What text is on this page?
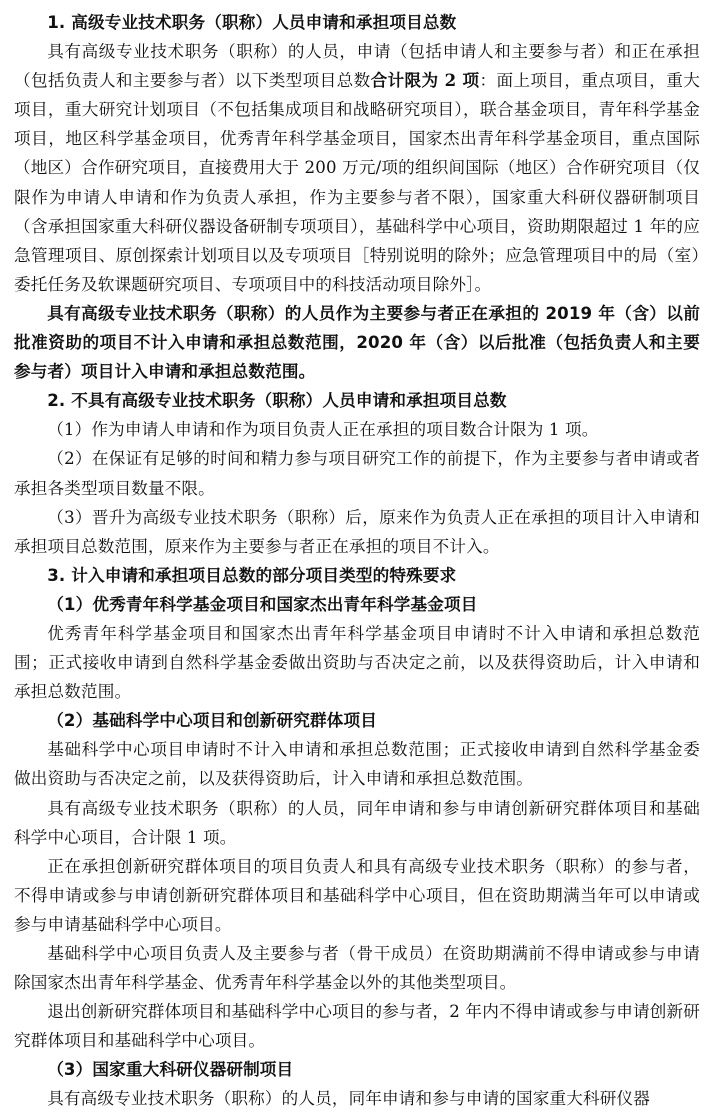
1. 高级专业技术职务（职称）人员申请和承担项目总数

具有高级专业技术职务（职称）的人员，申请（包括申请人和主要参与者）和正在承担（包括负责人和主要参与者）以下类型项目总数合计限为 2 项：面上项目，重点项目，重大项目，重大研究计划项目（不包括集成项目和战略研究项目），联合基金项目，青年科学基金项目，地区科学基金项目，优秀青年科学基金项目，国家杰出青年科学基金项目，重点国际（地区）合作研究项目，直接费用大于 200 万元/项的组织间国际（地区）合作研究项目（仅限作为申请人申请和作为负责人承担，作为主要参与者不限），国家重大科研仪器研制项目（含承担国家重大科研仪器设备研制专项项目），基础科学中心项目，资助期限超过 1 年的应急管理项目、原创探索计划项目以及专项项目［特别说明的除外；应急管理项目中的局（室）委托任务及软课题研究项目、专项项目中的科技活动项目除外］。

具有高级专业技术职务（职称）的人员作为主要参与者正在承担的 2019 年（含）以前批准资助的项目不计入申请和承担总数范围，2020 年（含）以后批准（包括负责人和主要参与者）项目计入申请和承担总数范围。

2. 不具有高级专业技术职务（职称）人员申请和承担项目总数

（1）作为申请人申请和作为项目负责人正在承担的项目数合计限为 1 项。

（2）在保证有足够的时间和精力参与项目研究工作的前提下，作为主要参与者申请或者承担各类型项目数量不限。

（3）晋升为高级专业技术职务（职称）后，原来作为负责人正在承担的项目计入申请和承担项目总数范围，原来作为主要参与者正在承担的项目不计入。

3. 计入申请和承担项目总数的部分项目类型的特殊要求

（1）优秀青年科学基金项目和国家杰出青年科学基金项目

优秀青年科学基金项目和国家杰出青年科学基金项目申请时不计入申请和承担总数范围；正式接收申请到自然科学基金委做出资助与否决定之前，以及获得资助后，计入申请和承担总数范围。

（2）基础科学中心项目和创新研究群体项目

基础科学中心项目申请时不计入申请和承担总数范围；正式接收申请到自然科学基金委做出资助与否决定之前，以及获得资助后，计入申请和承担总数范围。

具有高级专业技术职务（职称）的人员，同年申请和参与申请创新研究群体项目和基础科学中心项目，合计限 1 项。

正在承担创新研究群体项目的项目负责人和具有高级专业技术职务（职称）的参与者，不得申请或参与申请创新研究群体项目和基础科学中心项目，但在资助期满当年可以申请或参与申请基础科学中心项目。

基础科学中心项目负责人及主要参与者（骨干成员）在资助期满前不得申请或参与申请除国家杰出青年科学基金、优秀青年科学基金以外的其他类型项目。

退出创新研究群体项目和基础科学中心项目的参与者，2 年内不得申请或参与申请创新研究群体项目和基础科学中心项目。

（3）国家重大科研仪器研制项目

具有高级专业技术职务（职称）的人员，同年申请和参与申请的国家重大科研仪器
